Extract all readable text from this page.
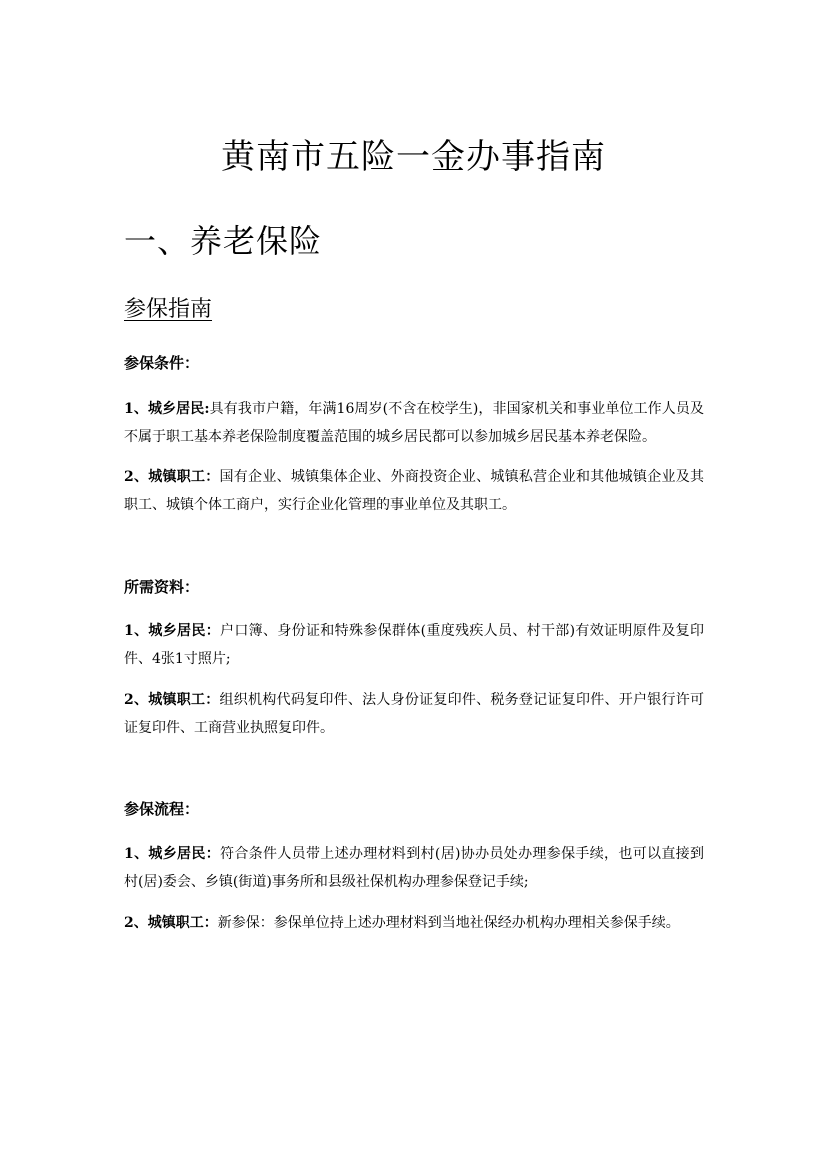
黄南市五险一金办事指南
一、养老保险
参保指南

参保条件：

1、城乡居民:具有我市户籍，年满16周岁(不含在校学生)，非国家机关和事业单位工作人员及不属于职工基本养老保险制度覆盖范围的城乡居民都可以参加城乡居民基本养老保险。

2、城镇职工：国有企业、城镇集体企业、外商投资企业、城镇私营企业和其他城镇企业及其职工、城镇个体工商户，实行企业化管理的事业单位及其职工。

所需资料：

1、城乡居民：户口簿、身份证和特殊参保群体(重度残疾人员、村干部)有效证明原件及复印件、4张1寸照片;

2、城镇职工：组织机构代码复印件、法人身份证复印件、税务登记证复印件、开户银行许可证复印件、工商营业执照复印件。

参保流程：

1、城乡居民：符合条件人员带上述办理材料到村(居)协办员处办理参保手续，也可以直接到村(居)委会、乡镇(街道)事务所和县级社保机构办理参保登记手续;

2、城镇职工：新参保：参保单位持上述办理材料到当地社保经办机构办理相关参保手续。
